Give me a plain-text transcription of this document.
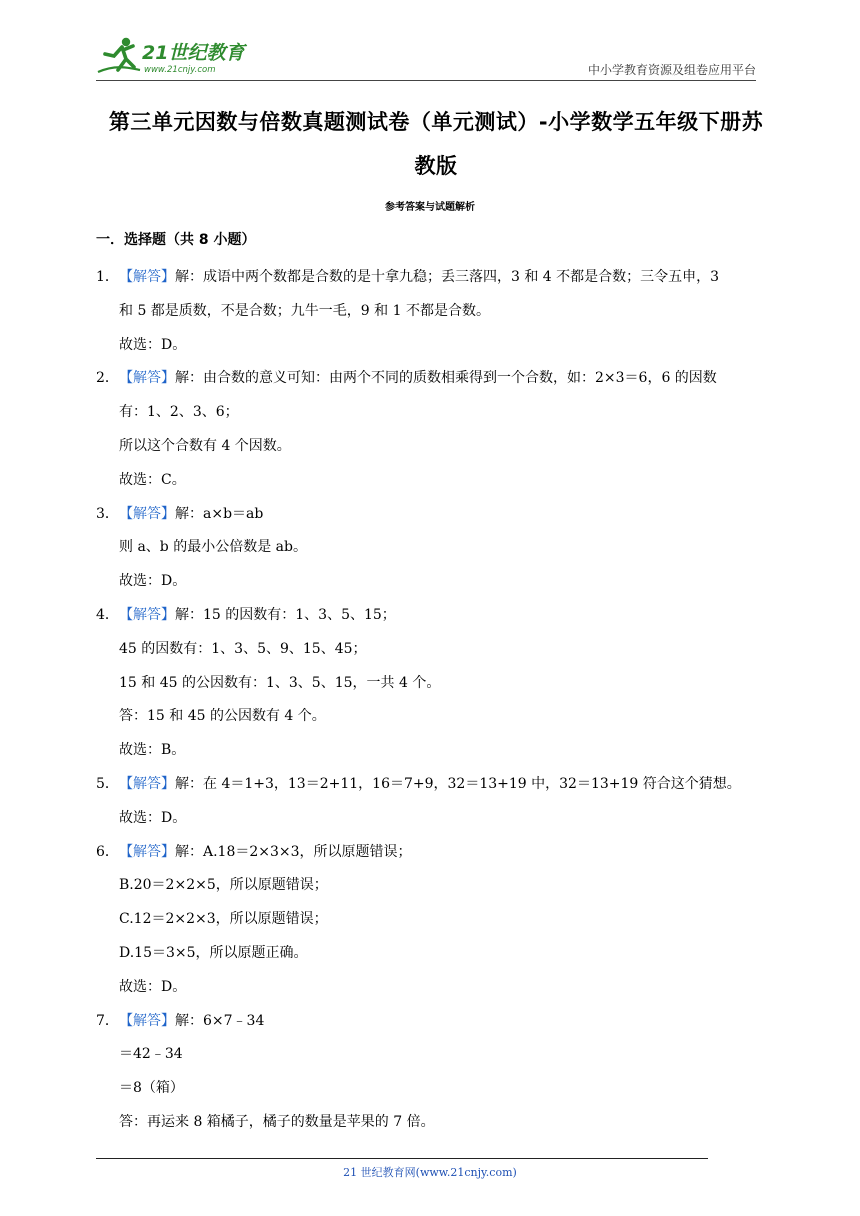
21世纪教育
www.21cnjy.com	中小学教育资源及组卷应用平台
第三单元因数与倍数真题测试卷（单元测试）-小学数学五年级下册苏
教版
参考答案与试题解析
一．选择题（共 8 小题）
1． 【解答】解：成语中两个数都是合数的是十拿九稳；丢三落四，3 和 4 不都是合数；三令五申，3
和 5 都是质数，不是合数；九牛一毛，9 和 1 不都是合数。
故选：D。
2． 【解答】解：由合数的意义可知：由两个不同的质数相乘得到一个合数，如：2×3＝6，6 的因数
有：1、2、3、6；
所以这个合数有 4 个因数。
故选：C。
3． 【解答】解：a×b＝ab
则 a、b 的最小公倍数是 ab。
故选：D。
4． 【解答】解：15 的因数有：1、3、5、15；
45 的因数有：1、3、5、9、15、45；
15 和 45 的公因数有：1、3、5、15，一共 4 个。
答：15 和 45 的公因数有 4 个。
故选：B。
5． 【解答】解：在 4＝1+3，13＝2+11，16＝7+9，32＝13+19 中，32＝13+19 符合这个猜想。
故选：D。
6． 【解答】解：A.18＝2×3×3，所以原题错误；
B.20＝2×2×5，所以原题错误；
C.12＝2×2×3，所以原题错误；
D.15＝3×5，所以原题正确。
故选：D。
7． 【解答】解：6×7﹣34
＝42﹣34
＝8（箱）
答：再运来 8 箱橘子，橘子的数量是苹果的 7 倍。
21 世纪教育网(www.21cnjy.com)
